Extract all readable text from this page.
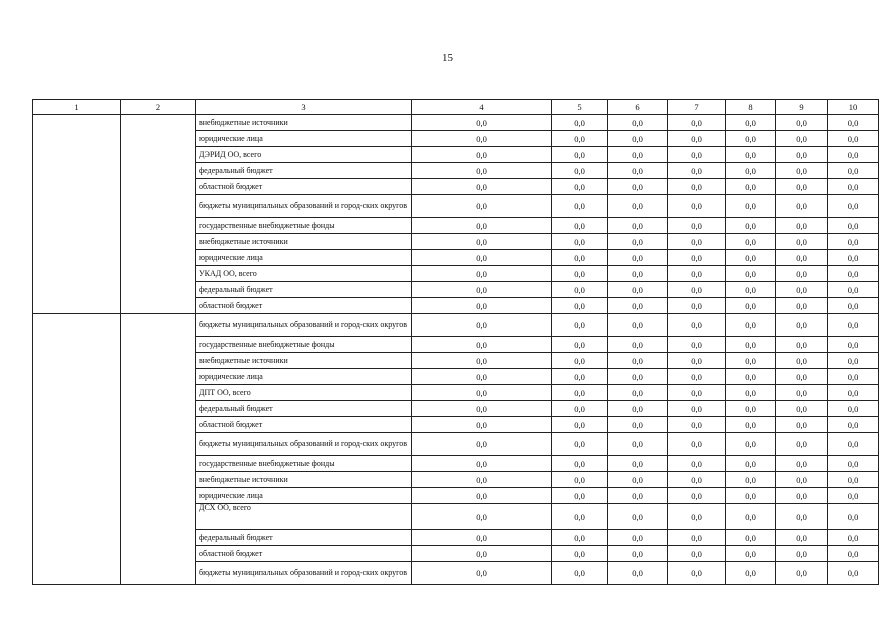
15
1	2	3	4	5	6	7	8	9	10
		внебюджетные источники	0,0	0,0	0,0	0,0	0,0	0,0	0,0
		юридические лица	0,0	0,0	0,0	0,0	0,0	0,0	0,0
		ДЭРИД ОО, всего	0,0	0,0	0,0	0,0	0,0	0,0	0,0
		федеральный бюджет	0,0	0,0	0,0	0,0	0,0	0,0	0,0
		областной бюджет	0,0	0,0	0,0	0,0	0,0	0,0	0,0
		бюджеты муниципальных образований и город-ских округов	0,0	0,0	0,0	0,0	0,0	0,0	0,0
		государственные внебюджетные фонды	0,0	0,0	0,0	0,0	0,0	0,0	0,0
		внебюджетные источники	0,0	0,0	0,0	0,0	0,0	0,0	0,0
		юридические лица	0,0	0,0	0,0	0,0	0,0	0,0	0,0
		УКАД ОО, всего	0,0	0,0	0,0	0,0	0,0	0,0	0,0
		федеральный бюджет	0,0	0,0	0,0	0,0	0,0	0,0	0,0
		областной бюджет	0,0	0,0	0,0	0,0	0,0	0,0	0,0
		бюджеты муниципальных образований и город-ских округов	0,0	0,0	0,0	0,0	0,0	0,0	0,0
		государственные внебюджетные фонды	0,0	0,0	0,0	0,0	0,0	0,0	0,0
		внебюджетные источники	0,0	0,0	0,0	0,0	0,0	0,0	0,0
		юридические лица	0,0	0,0	0,0	0,0	0,0	0,0	0,0
		ДПТ ОО, всего	0,0	0,0	0,0	0,0	0,0	0,0	0,0
		федеральный бюджет	0,0	0,0	0,0	0,0	0,0	0,0	0,0
		областной бюджет	0,0	0,0	0,0	0,0	0,0	0,0	0,0
		бюджеты муниципальных образований и город-ских округов	0,0	0,0	0,0	0,0	0,0	0,0	0,0
		государственные внебюджетные фонды	0,0	0,0	0,0	0,0	0,0	0,0	0,0
		внебюджетные источники	0,0	0,0	0,0	0,0	0,0	0,0	0,0
		юридические лица	0,0	0,0	0,0	0,0	0,0	0,0	0,0
		ДСХ ОО, всего	0,0	0,0	0,0	0,0	0,0	0,0	0,0
		федеральный бюджет	0,0	0,0	0,0	0,0	0,0	0,0	0,0
		областной бюджет	0,0	0,0	0,0	0,0	0,0	0,0	0,0
		бюджеты муниципальных образований и город-ских округов	0,0	0,0	0,0	0,0	0,0	0,0	0,0
